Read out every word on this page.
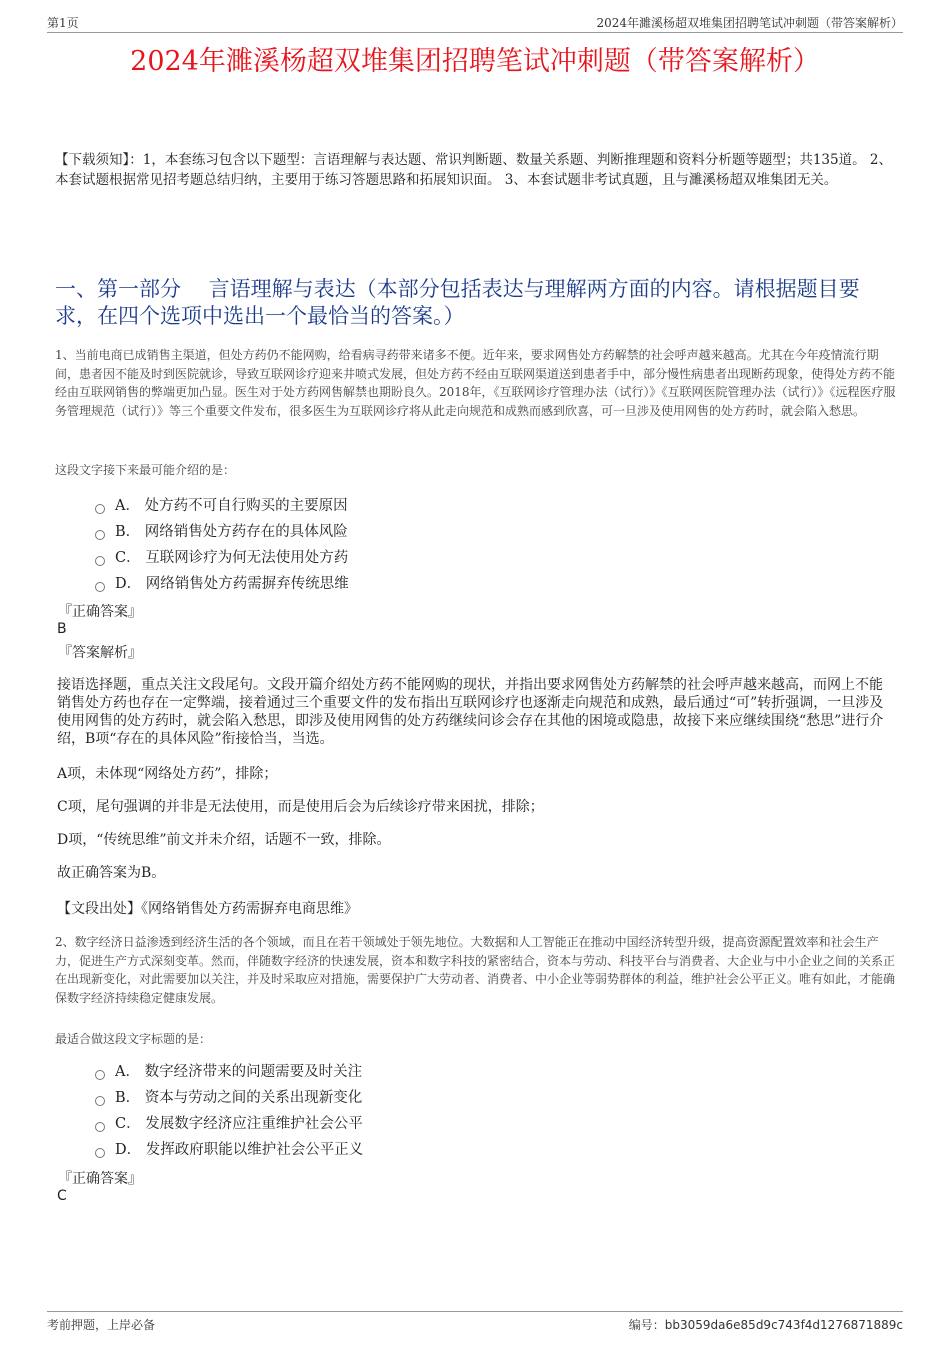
第1页	2024年濉溪杨超双堆集团招聘笔试冲刺题（带答案解析）
2024年濉溪杨超双堆集团招聘笔试冲刺题（带答案解析）

【下载须知】：1，本套练习包含以下题型：言语理解与表达题、常识判断题、数量关系题、判断推理题和资料分析题等题型；共135道。 2、本套试题根据常见招考题总结归纳，主要用于练习答题思路和拓展知识面。 3、本套试题非考试真题，且与濉溪杨超双堆集团无关。

一、第一部分　 言语理解与表达（本部分包括表达与理解两方面的内容。请根据题目要求，在四个选项中选出一个最恰当的答案。）

1、当前电商已成销售主渠道，但处方药仍不能网购，给看病寻药带来诸多不便。近年来，要求网售处方药解禁的社会呼声越来越高。尤其在今年疫情流行期间，患者因不能及时到医院就诊，导致互联网诊疗迎来井喷式发展，但处方药不经由互联网渠道送到患者手中，部分慢性病患者出现断药现象，使得处方药不能经由互联网销售的弊端更加凸显。医生对于处方药网售解禁也期盼良久。2018年，《互联网诊疗管理办法（试行）》《互联网医院管理办法（试行）》《远程医疗服务管理规范（试行）》等三个重要文件发布，很多医生为互联网诊疗将从此走向规范和成熟而感到欣喜，可一旦涉及使用网售的处方药时，就会陷入愁思。

这段文字接下来最可能介绍的是：

A． 处方药不可自行购买的主要原因
B． 网络销售处方药存在的具体风险
C． 互联网诊疗为何无法使用处方药
D． 网络销售处方药需摒弃传统思维

『正确答案』

B

『答案解析』

接语选择题，重点关注文段尾句。文段开篇介绍处方药不能网购的现状，并指出要求网售处方药解禁的社会呼声越来越高，而网上不能销售处方药也存在一定弊端，接着通过三个重要文件的发布指出互联网诊疗也逐渐走向规范和成熟，最后通过“可”转折强调，一旦涉及使用网售的处方药时，就会陷入愁思，即涉及使用网售的处方药继续问诊会存在其他的困境或隐患，故接下来应继续围绕“愁思”进行介绍，B项“存在的具体风险”衔接恰当，当选。

A项，未体现“网络处方药”，排除；

C项，尾句强调的并非是无法使用，而是使用后会为后续诊疗带来困扰，排除；

D项，“传统思维”前文并未介绍，话题不一致，排除。

故正确答案为B。

【文段出处】《网络销售处方药需摒弃电商思维》

2、数字经济日益渗透到经济生活的各个领域，而且在若干领域处于领先地位。大数据和人工智能正在推动中国经济转型升级，提高资源配置效率和社会生产力，促进生产方式深刻变革。然而，伴随数字经济的快速发展，资本和数字科技的紧密结合，资本与劳动、科技平台与消费者、大企业与中小企业之间的关系正在出现新变化，对此需要加以关注，并及时采取应对措施，需要保护广大劳动者、消费者、中小企业等弱势群体的利益，维护社会公平正义。唯有如此，才能确保数字经济持续稳定健康发展。

最适合做这段文字标题的是：

A． 数字经济带来的问题需要及时关注
B． 资本与劳动之间的关系出现新变化
C． 发展数字经济应注重维护社会公平
D． 发挥政府职能以维护社会公平正义

『正确答案』

C

考前押题，上岸必备	编号：bb3059da6e85d9c743f4d1276871889c
